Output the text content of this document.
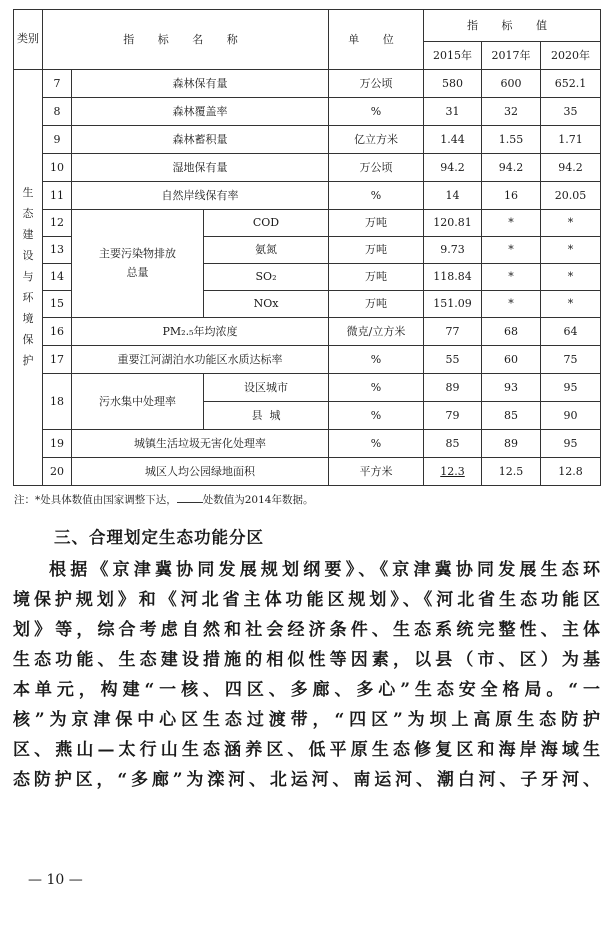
类别	指 标 名 称			单 位	指 标 值		
					2015年	2017年	2020年
生态建设与环境保护	7	森林保有量		万公顷	580	600	652.1
	8	森林覆盖率		%	31	32	35
	9	森林蓄积量		亿立方米	1.44	1.55	1.71
	10	湿地保有量		万公顷	94.2	94.2	94.2
	11	自然岸线保有率		%	14	16	20.05
	12	主要污染物排放总量	COD	万吨	120.81	*	*
	13		氨氮	万吨	9.73	*	*
	14		SO₂	万吨	118.84	*	*
	15		NOx	万吨	151.09	*	*
	16	PM₂.₅年均浓度		微克/立方米	77	68	64
	17	重要江河湖泊水功能区水质达标率		%	55	60	75
	18	污水集中处理率	设区城市	%	89	93	95
			县  城	%	79	85	90
	19	城镇生活垃圾无害化处理率		%	85	89	95
	20	城区人均公园绿地面积		平方米	12.3	12.5	12.8
注：*处具体数值由国家调整下达， 处数值为2014年数据。
三、合理划定生态功能分区
根据《京津冀协同发展规划纲要》、《京津冀协同发展生态环
境保护规划》和《河北省主体功能区规划》、《河北省生态功能区
划》等，综合考虑自然和社会经济条件、生态系统完整性、主体
生态功能、生态建设措施的相似性等因素，以县（市、区）为基
本单元，构建“一核、四区、多廊、多心”生态安全格局。“一
核”为京津保中心区生态过渡带，“四区”为坝上高原生态防护
区、燕山—太行山生态涵养区、低平原生态修复区和海岸海域生
态防护区，“多廊”为滦河、北运河、南运河、潮白河、子牙河、
— 10 —
